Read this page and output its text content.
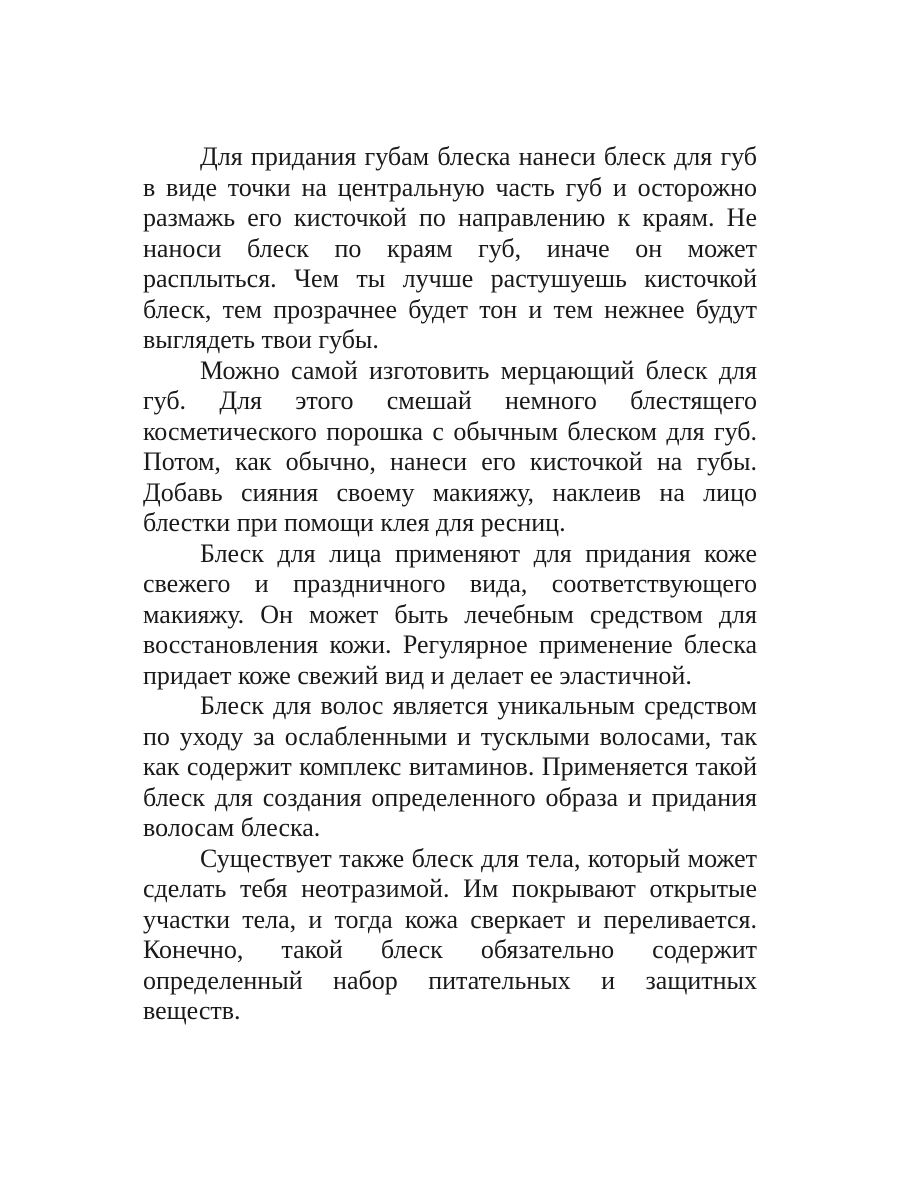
Для придания губам блеска нанеси блеск для губ в виде точки на центральную часть губ и осторожно размажь его кисточкой по направлению к краям. Не наноси блеск по краям губ, иначе он может расплыться. Чем ты лучше растушуешь кисточкой блеск, тем прозрачнее будет тон и тем нежнее будут выглядеть твои губы.

Можно самой изготовить мерцающий блеск для губ. Для этого смешай немного блестящего косметического порошка с обычным блеском для губ. Потом, как обычно, нанеси его кисточкой на губы. Добавь сияния своему макияжу, наклеив на лицо блестки при помощи клея для ресниц.

Блеск для лица применяют для придания коже свежего и праздничного вида, соответствующего макияжу. Он может быть лечебным средством для восстановления кожи. Регулярное применение блеска придает коже свежий вид и делает ее эластичной.

Блеск для волос является уникальным средством по уходу за ослабленными и тусклыми волосами, так как содержит комплекс витаминов. Применяется такой блеск для создания определенного образа и придания волосам блеска.

Существует также блеск для тела, который может сделать тебя неотразимой. Им покрывают открытые участки тела, и тогда кожа сверкает и переливается. Конечно, такой блеск обязательно содержит определенный набор питательных и защитных веществ.
